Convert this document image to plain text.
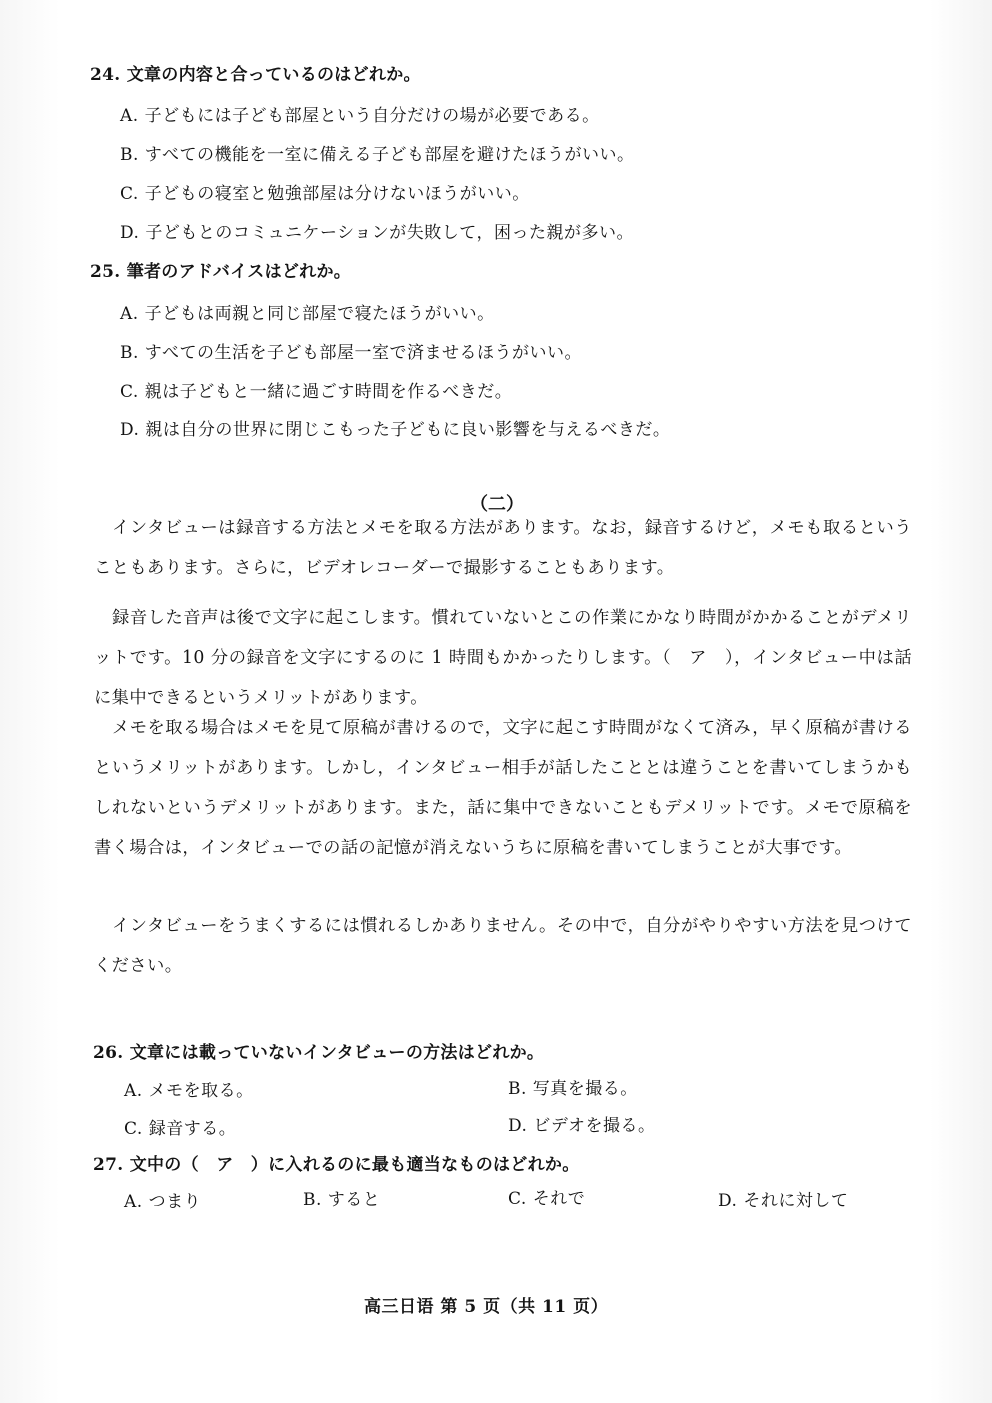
24. 文章の内容と合っているのはどれか。
A. 子どもには子ども部屋という自分だけの場が必要である。
B. すべての機能を一室に備える子ども部屋を避けたほうがいい。
C. 子どもの寝室と勉強部屋は分けないほうがいい。
D. 子どもとのコミュニケーションが失敗して，困った親が多い。
25. 筆者のアドバイスはどれか。
A. 子どもは両親と同じ部屋で寝たほうがいい。
B. すべての生活を子ども部屋一室で済ませるほうがいい。
C. 親は子どもと一緒に過ごす時間を作るべきだ。
D. 親は自分の世界に閉じこもった子どもに良い影響を与えるべきだ。
（二）
インタビューは録音する方法とメモを取る方法があります。なお，録音するけど，メモも取るということもあります。さらに，ビデオレコーダーで撮影することもあります。
録音した音声は後で文字に起こします。慣れていないとこの作業にかなり時間がかかることがデメリットです。10 分の録音を文字にするのに 1 時間もかかったりします。（　ア　），インタビュー中は話に集中できるというメリットがあります。
メモを取る場合はメモを見て原稿が書けるので，文字に起こす時間がなくて済み，早く原稿が書けるというメリットがあります。しかし，インタビュー相手が話したこととは違うことを書いてしまうかもしれないというデメリットがあります。また，話に集中できないこともデメリットです。メモで原稿を書く場合は，インタビューでの話の記憶が消えないうちに原稿を書いてしまうことが大事です。
インタビューをうまくするには慣れるしかありません。その中で，自分がやりやすい方法を見つけてください。
26. 文章には載っていないインタビューの方法はどれか。
A. メモを取る。	B. 写真を撮る。
C. 録音する。	D. ビデオを撮る。
27. 文中の（　ア　）に入れるのに最も適当なものはどれか。
A. つまり	B. すると	C. それで	D. それに対して
高三日语 第 5 页（共 11 页）
